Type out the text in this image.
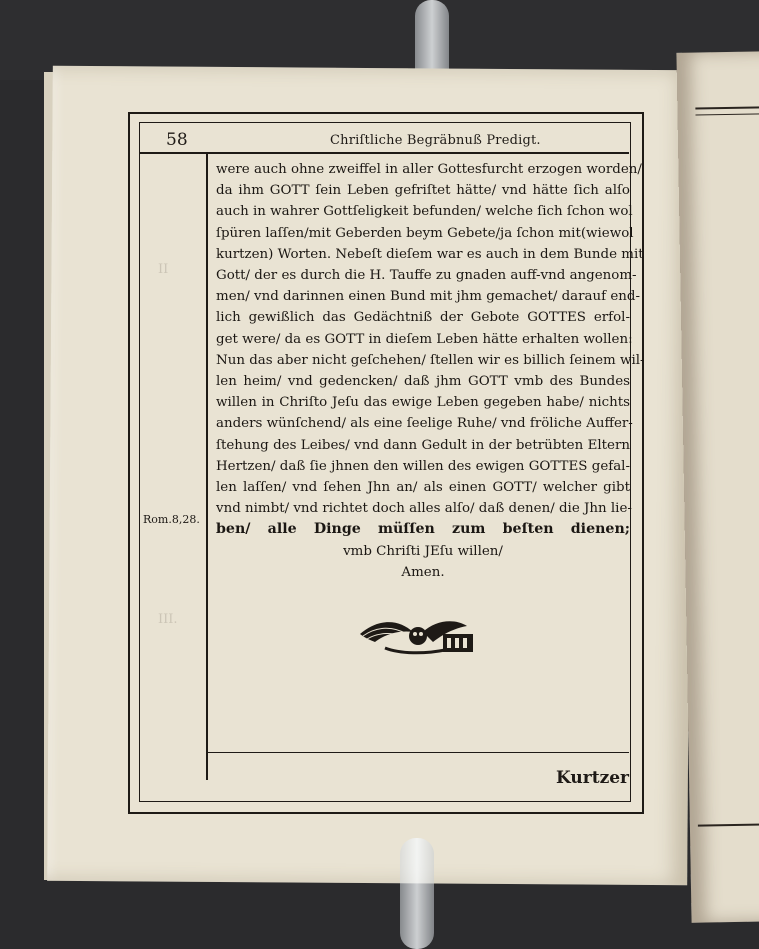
58	Chriſtliche Begräbnuß Predigt.
II
III.
were auch ohne zweiffel in aller Gottesfurcht erzogen worden/
da ihm GOTT ſein Leben gefriſtet hätte/ vnd hätte ſich alſo
auch in wahrer Gottſeligkeit befunden/ welche ſich ſchon wol
ſpüren laſſen/mit Geberden beym Gebete/ja ſchon mit(wiewol
kurtzen) Worten. Nebeſt dieſem war es auch in dem Bunde mit
Gott/ der es durch die H. Tauffe zu gnaden auff-vnd angenom-
men/ vnd darinnen einen Bund mit jhm gemachet/ darauf end-
lich gewißlich das Gedächtniß der Gebote GOTTES erfol-
get were/ da es GOTT in dieſem Leben hätte erhalten wollen:
Nun das aber nicht geſchehen/ ſtellen wir es billich ſeinem wil-
len heim/ vnd gedencken/ daß jhm GOTT vmb des Bundes
willen in Chriſto Jeſu das ewige Leben gegeben habe/ nichts
anders wünſchend/ als eine ſeelige Ruhe/ vnd fröliche Auffer-
ſtehung des Leibes/ vnd dann Gedult in der betrübten Eltern
Hertzen/ daß ſie jhnen den willen des ewigen GOTTES gefal-
len laſſen/ vnd ſehen Jhn an/ als einen GOTT/ welcher gibt
vnd nimbt/ vnd richtet doch alles alſo/ daß denen/ die Jhn lie-
ben/ alle Dinge müſſen zum beſten dienen;
vmb Chriſti JEſu willen/
Amen.
Rom.8,28.
Kurtzer
